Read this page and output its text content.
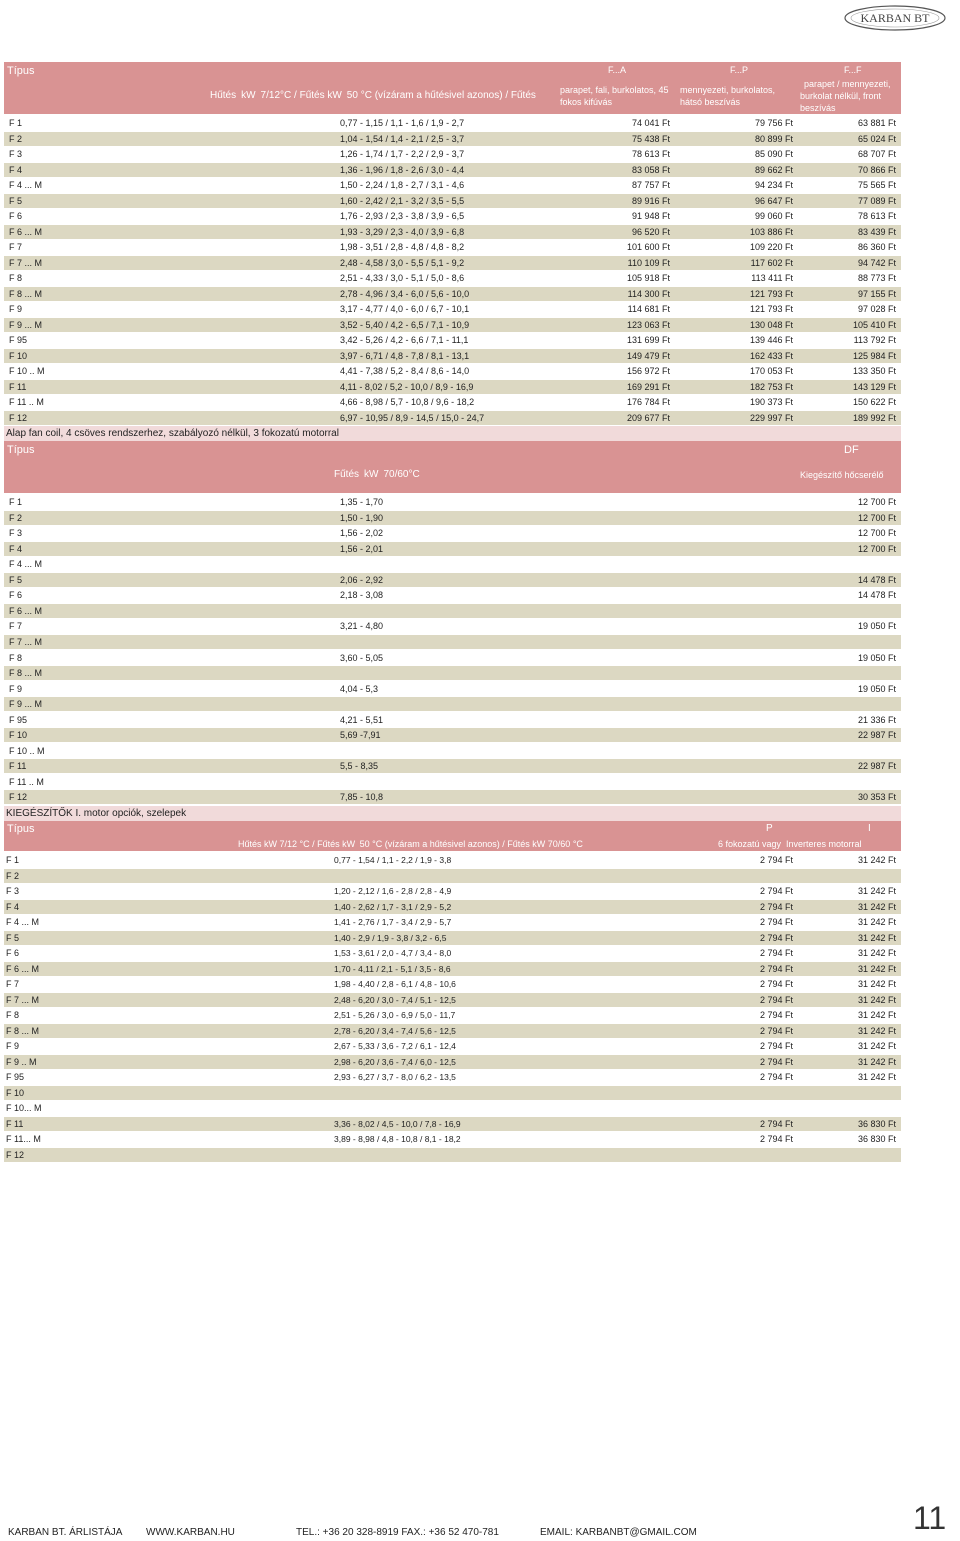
KARBAN BT
Típus	F...A	F...P	F...F
Hűtés kW 7/12°C / Fűtés kW 50 °C (vízáram a hűtésivel azonos) / Fűtés	parapet, fali, burkolatos, 45
fokos kifúvás
mennyezeti, burkolatos,
hátsó beszívás
parapet / mennyezeti,
burkolat nélkül, front
beszívás
F 1	0,77 - 1,15 / 1,1 - 1,6 / 1,9 - 2,7	74 041 Ft	79 756 Ft	63 881 Ft
F 2	1,04 - 1,54 / 1,4 - 2,1 / 2,5 - 3,7	75 438 Ft	80 899 Ft	65 024 Ft
F 3	1,26 - 1,74 / 1,7 - 2,2 / 2,9 - 3,7	78 613 Ft	85 090 Ft	68 707 Ft
F 4	1,36 - 1,96 / 1,8 - 2,6 / 3,0 - 4,4	83 058 Ft	89 662 Ft	70 866 Ft
F 4 ... M	1,50 - 2,24 / 1,8 - 2,7 / 3,1 - 4,6	87 757 Ft	94 234 Ft	75 565 Ft
F 5	1,60 - 2,42 / 2,1 - 3,2 / 3,5 - 5,5	89 916 Ft	96 647 Ft	77 089 Ft
F 6	1,76 - 2,93 / 2,3 - 3,8 / 3,9 - 6,5	91 948 Ft	99 060 Ft	78 613 Ft
F 6 ... M	1,93 - 3,29 / 2,3 - 4,0 / 3,9 - 6,8	96 520 Ft	103 886 Ft	83 439 Ft
F 7	1,98 - 3,51 / 2,8 - 4,8 / 4,8 - 8,2	101 600 Ft	109 220 Ft	86 360 Ft
F 7 ... M	2,48 - 4,58 / 3,0 - 5,5 / 5,1 - 9,2	110 109 Ft	117 602 Ft	94 742 Ft
F 8	2,51 - 4,33 / 3,0 - 5,1 / 5,0 - 8,6	105 918 Ft	113 411 Ft	88 773 Ft
F 8 ... M	2,78 - 4,96 / 3,4 - 6,0 / 5,6 - 10,0	114 300 Ft	121 793 Ft	97 155 Ft
F 9	3,17 - 4,77 / 4,0 - 6,0 / 6,7 - 10,1	114 681 Ft	121 793 Ft	97 028 Ft
F 9 ... M	3,52 - 5,40 / 4,2 - 6,5 / 7,1 - 10,9	123 063 Ft	130 048 Ft	105 410 Ft
F 95	3,42 - 5,26 / 4,2 - 6,6 / 7,1 - 11,1	131 699 Ft	139 446 Ft	113 792 Ft
F 10	3,97 - 6,71 / 4,8 - 7,8 / 8,1 - 13,1	149 479 Ft	162 433 Ft	125 984 Ft
F 10 .. M	4,41 - 7,38 / 5,2 - 8,4 / 8,6 - 14,0	156 972 Ft	170 053 Ft	133 350 Ft
F 11	4,11 - 8,02 / 5,2 - 10,0 / 8,9 - 16,9	169 291 Ft	182 753 Ft	143 129 Ft
F 11 .. M	4,66 - 8,98 / 5,7 - 10,8 / 9,6 - 18,2	176 784 Ft	190 373 Ft	150 622 Ft
F 12	6,97 - 10,95 / 8,9 - 14,5 / 15,0 - 24,7	209 677 Ft	229 997 Ft	189 992 Ft
Alap fan coil, 4 csöves rendszerhez, szabályozó nélkül, 3 fokozatú motorral
Típus	DF
Fűtés kW 70/60°C	Kiegészítő hőcserélő
F 1	1,35 - 1,70	12 700 Ft
F 2	1,50 - 1,90	12 700 Ft
F 3	1,56 - 2,02	12 700 Ft
F 4	1,56 - 2,01	12 700 Ft
F 4 ... M
F 5	2,06 - 2,92	14 478 Ft
F 6	2,18 - 3,08	14 478 Ft
F 6 ... M
F 7	3,21 - 4,80	19 050 Ft
F 7 ... M
F 8	3,60 - 5,05	19 050 Ft
F 8 ... M
F 9	4,04 - 5,3	19 050 Ft
F 9 ... M
F 95	4,21 - 5,51	21 336 Ft
F 10	5,69 -7,91	22 987 Ft
F 10 .. M
F 11	5,5 - 8,35	22 987 Ft
F 11 .. M
F 12	7,85 - 10,8	30 353 Ft
KIEGÉSZÍTŐK I. motor opciók, szelepek
Típus	P	I
Hűtés kW 7/12 °C / Fűtés kW 50 °C (vízáram a hűtésivel azonos) / Fűtés kW 70/60 °C	6 fokozatú vagy Inverteres motorral
F 1	0,77 - 1,54 / 1,1 - 2,2 / 1,9 - 3,8	2 794 Ft	31 242 Ft
F 2
F 3	1,20 - 2,12 / 1,6 - 2,8 / 2,8 - 4,9	2 794 Ft	31 242 Ft
F 4	1,40 - 2,62 / 1,7 - 3,1 / 2,9 - 5,2	2 794 Ft	31 242 Ft
F 4 ... M	1,41 - 2,76 / 1,7 - 3,4 / 2,9 - 5,7	2 794 Ft	31 242 Ft
F 5	1,40 - 2,9 / 1,9 - 3,8 / 3,2 - 6,5	2 794 Ft	31 242 Ft
F 6	1,53 - 3,61 / 2,0 - 4,7 / 3,4 - 8,0	2 794 Ft	31 242 Ft
F 6 ... M	1,70 - 4,11 / 2,1 - 5,1 / 3,5 - 8,6	2 794 Ft	31 242 Ft
F 7	1,98 - 4,40 / 2,8 - 6,1 / 4,8 - 10,6	2 794 Ft	31 242 Ft
F 7 ... M	2,48 - 6,20 / 3,0 - 7,4 / 5,1 - 12,5	2 794 Ft	31 242 Ft
F 8	2,51 - 5,26 / 3,0 - 6,9 / 5,0 - 11,7	2 794 Ft	31 242 Ft
F 8 ... M	2,78 - 6,20 / 3,4 - 7,4 / 5,6 - 12,5	2 794 Ft	31 242 Ft
F 9	2,67 - 5,33 / 3,6 - 7,2 / 6,1 - 12,4	2 794 Ft	31 242 Ft
F 9 .. M	2,98 - 6,20 / 3,6 - 7,4 / 6,0 - 12,5	2 794 Ft	31 242 Ft
F 95	2,93 - 6,27 / 3,7 - 8,0 / 6,2 - 13,5	2 794 Ft	31 242 Ft
F 10
F 10... M
F 11	3,36 - 8,02 / 4,5 - 10,0 / 7,8 - 16,9	2 794 Ft	36 830 Ft
F 11... M	3,89 - 8,98 / 4,8 - 10,8 / 8,1 - 18,2	2 794 Ft	36 830 Ft
F 12
KARBAN BT. ÁRLISTÁJA WWW.KARBAN.HU	TEL.: +36 20 328-8919 FAX.: +36 52 470-781	EMAIL: KARBANBT@GMAIL.COM	11
